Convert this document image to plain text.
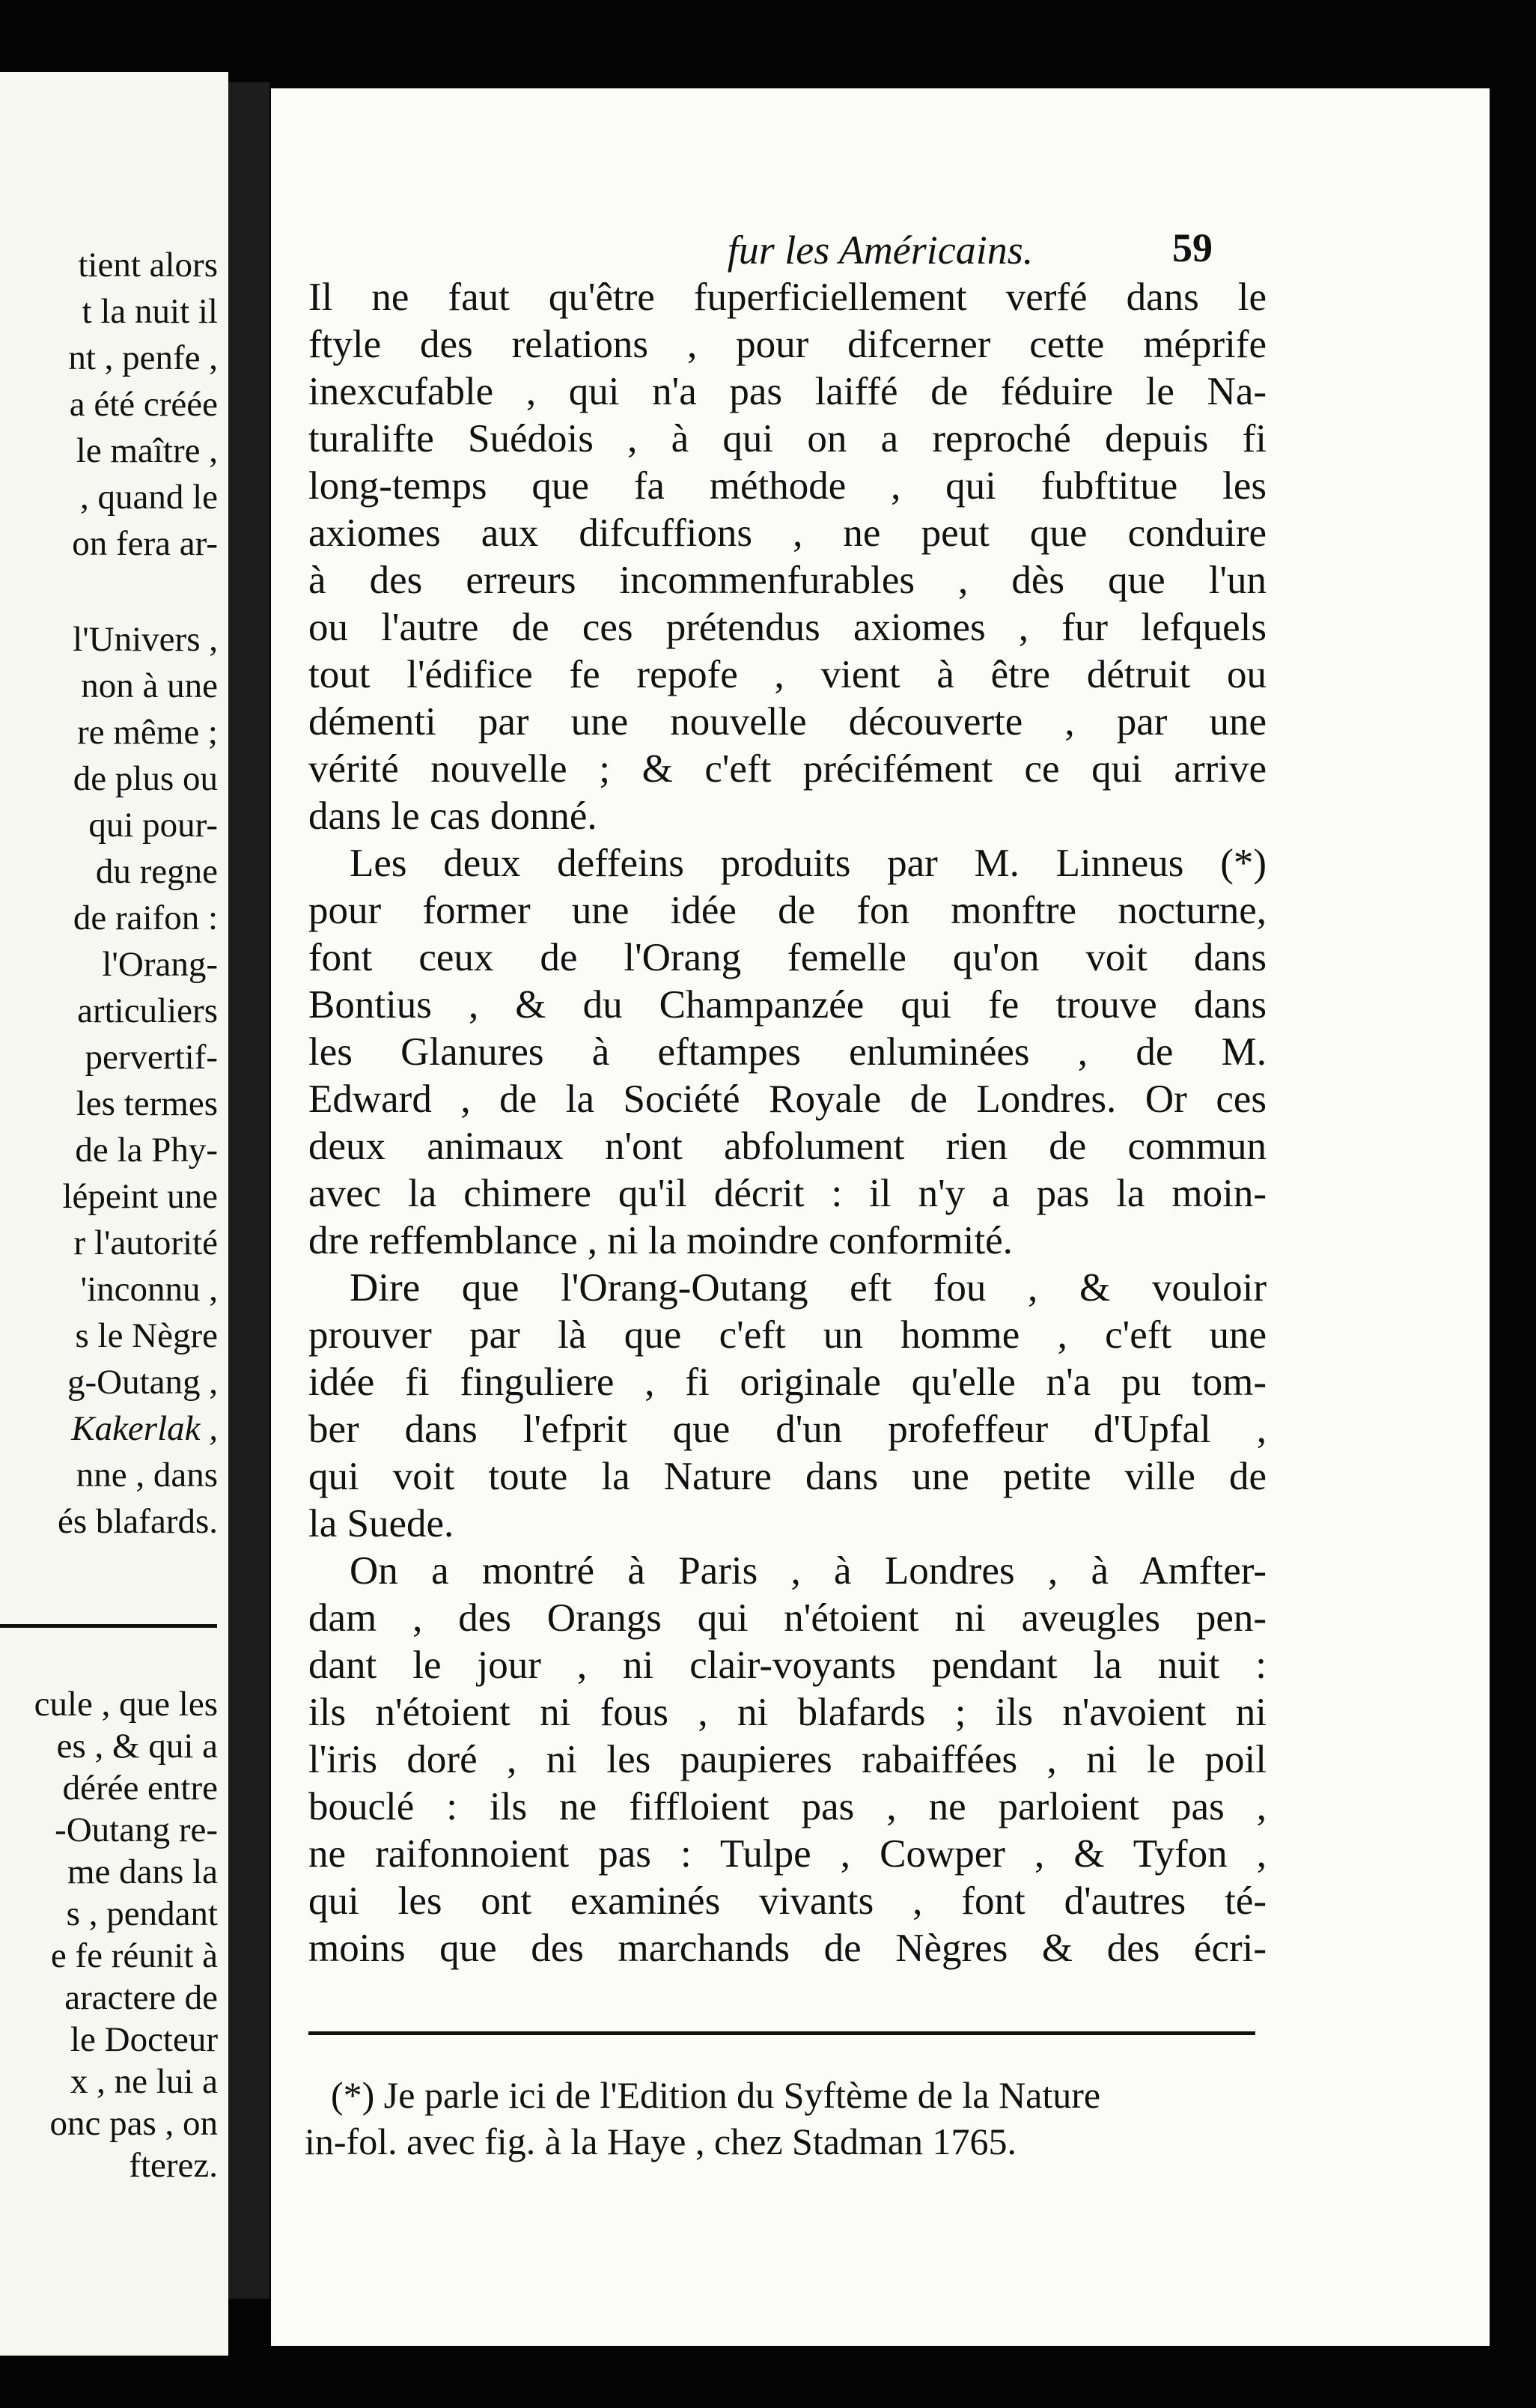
tient alors
t la nuit il
nt , penfe ,
a été créée
le maître ,
, quand le
on fera ar-
l'Univers ,
non à une
re même ;
de plus ou
qui pour-
du regne
de raifon :
l'Orang-
articuliers
pervertif-
les termes
de la Phy-
lépeint une
r l'autorité
'inconnu ,
s le Nègre
g-Outang ,
Kakerlak ,
nne , dans
és blafards.
cule , que les
es , & qui a
dérée entre
-Outang re-
me dans la
s , pendant
e fe réunit à
aractere de
le Docteur
x , ne lui a
onc pas , on
fterez.
fur les Américains.	59
Il ne faut qu'être fuperficiellement verfé dans le
ftyle des relations , pour difcerner cette méprife
inexcufable , qui n'a pas laiffé de féduire le Na-
turalifte Suédois , à qui on a reproché depuis fi
long-temps que fa méthode , qui fubftitue les
axiomes aux difcuffions , ne peut que conduire
à des erreurs incommenfurables , dès que l'un
ou l'autre de ces prétendus axiomes , fur lefquels
tout l'édifice fe repofe , vient à être détruit ou
démenti par une nouvelle découverte , par une
vérité nouvelle ; & c'eft précifément ce qui arrive
dans le cas donné.
Les deux deffeins produits par M. Linneus (*)
pour former une idée de fon monftre nocturne,
font ceux de l'Orang femelle qu'on voit dans
Bontius , & du Champanzée qui fe trouve dans
les Glanures à eftampes enluminées , de M.
Edward , de la Société Royale de Londres. Or ces
deux animaux n'ont abfolument rien de commun
avec la chimere qu'il décrit : il n'y a pas la moin-
dre reffemblance , ni la moindre conformité.
Dire que l'Orang-Outang eft fou , & vouloir
prouver par là que c'eft un homme , c'eft une
idée fi finguliere , fi originale qu'elle n'a pu tom-
ber dans l'efprit que d'un profeffeur d'Upfal ,
qui voit toute la Nature dans une petite ville de
la Suede.
On a montré à Paris , à Londres , à Amfter-
dam , des Orangs qui n'étoient ni aveugles pen-
dant le jour , ni clair-voyants pendant la nuit :
ils n'étoient ni fous , ni blafards ; ils n'avoient ni
l'iris doré , ni les paupieres rabaiffées , ni le poil
bouclé : ils ne fiffloient pas , ne parloient pas ,
ne raifonnoient pas : Tulpe , Cowper , & Tyfon ,
qui les ont examinés vivants , font d'autres té-
moins que des marchands de Nègres & des écri-
(*) Je parle ici de l'Edition du Syftème de la Nature
in-fol. avec fig. à la Haye , chez Stadman 1765.
